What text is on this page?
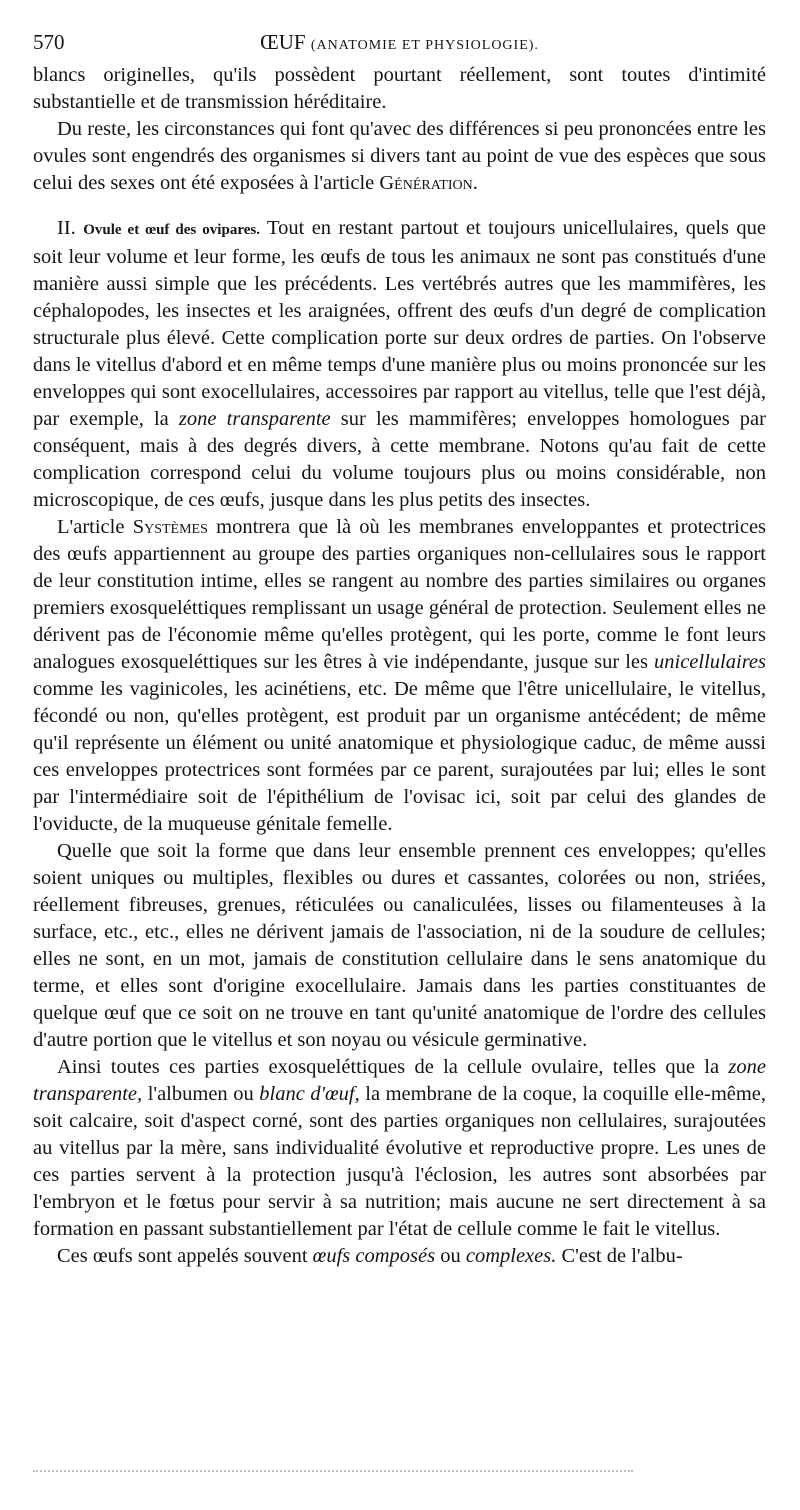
570	ŒUF (ANATOMIE ET PHYSIOLOGIE).

blancs originelles, qu'ils possèdent pourtant réellement, sont toutes d'intimité substantielle et de transmission héréditaire.

Du reste, les circonstances qui font qu'avec des différences si peu prononcées entre les ovules sont engendrés des organismes si divers tant au point de vue des espèces que sous celui des sexes ont été exposées à l'article Génération.

II. Ovule et œuf des ovipares. Tout en restant partout et toujours unicellulaires, quels que soit leur volume et leur forme, les œufs de tous les animaux ne sont pas constitués d'une manière aussi simple que les précédents. Les vertébrés autres que les mammifères, les céphalopodes, les insectes et les araignées, offrent des œufs d'un degré de complication structurale plus élevé. Cette complication porte sur deux ordres de parties. On l'observe dans le vitellus d'abord et en même temps d'une manière plus ou moins prononcée sur les enveloppes qui sont exocellulaires, accessoires par rapport au vitellus, telle que l'est déjà, par exemple, la zone transparente sur les mammifères; enveloppes homologues par conséquent, mais à des degrés divers, à cette membrane. Notons qu'au fait de cette complication correspond celui du volume toujours plus ou moins considérable, non microscopique, de ces œufs, jusque dans les plus petits des insectes.

L'article Systèmes montrera que là où les membranes enveloppantes et protectrices des œufs appartiennent au groupe des parties organiques non-cellulaires sous le rapport de leur constitution intime, elles se rangent au nombre des parties similaires ou organes premiers exosqueléttiques remplissant un usage général de protection. Seulement elles ne dérivent pas de l'économie même qu'elles protègent, qui les porte, comme le font leurs analogues exosqueléttiques sur les êtres à vie indépendante, jusque sur les unicellulaires comme les vaginicoles, les acinétiens, etc. De même que l'être unicellulaire, le vitellus, fécondé ou non, qu'elles protègent, est produit par un organisme antécédent; de même qu'il représente un élément ou unité anatomique et physiologique caduc, de même aussi ces enveloppes protectrices sont formées par ce parent, surajoutées par lui; elles le sont par l'intermédiaire soit de l'épithélium de l'ovisac ici, soit par celui des glandes de l'oviducte, de la muqueuse génitale femelle.

Quelle que soit la forme que dans leur ensemble prennent ces enveloppes; qu'elles soient uniques ou multiples, flexibles ou dures et cassantes, colorées ou non, striées, réellement fibreuses, grenues, réticulées ou canaliculées, lisses ou filamenteuses à la surface, etc., etc., elles ne dérivent jamais de l'association, ni de la soudure de cellules; elles ne sont, en un mot, jamais de constitution cellulaire dans le sens anatomique du terme, et elles sont d'origine exocellulaire. Jamais dans les parties constituantes de quelque œuf que ce soit on ne trouve en tant qu'unité anatomique de l'ordre des cellules d'autre portion que le vitellus et son noyau ou vésicule germinative.

Ainsi toutes ces parties exosqueléttiques de la cellule ovulaire, telles que la zone transparente, l'albumen ou blanc d'œuf, la membrane de la coque, la coquille elle-même, soit calcaire, soit d'aspect corné, sont des parties organiques non cellulaires, surajoutées au vitellus par la mère, sans individualité évolutive et reproductive propre. Les unes de ces parties servent à la protection jusqu'à l'éclosion, les autres sont absorbées par l'embryon et le fœtus pour servir à sa nutrition; mais aucune ne sert directement à sa formation en passant substantiellement par l'état de cellule comme le fait le vitellus.

Ces œufs sont appelés souvent œufs composés ou complexes. C'est de l'albu-
